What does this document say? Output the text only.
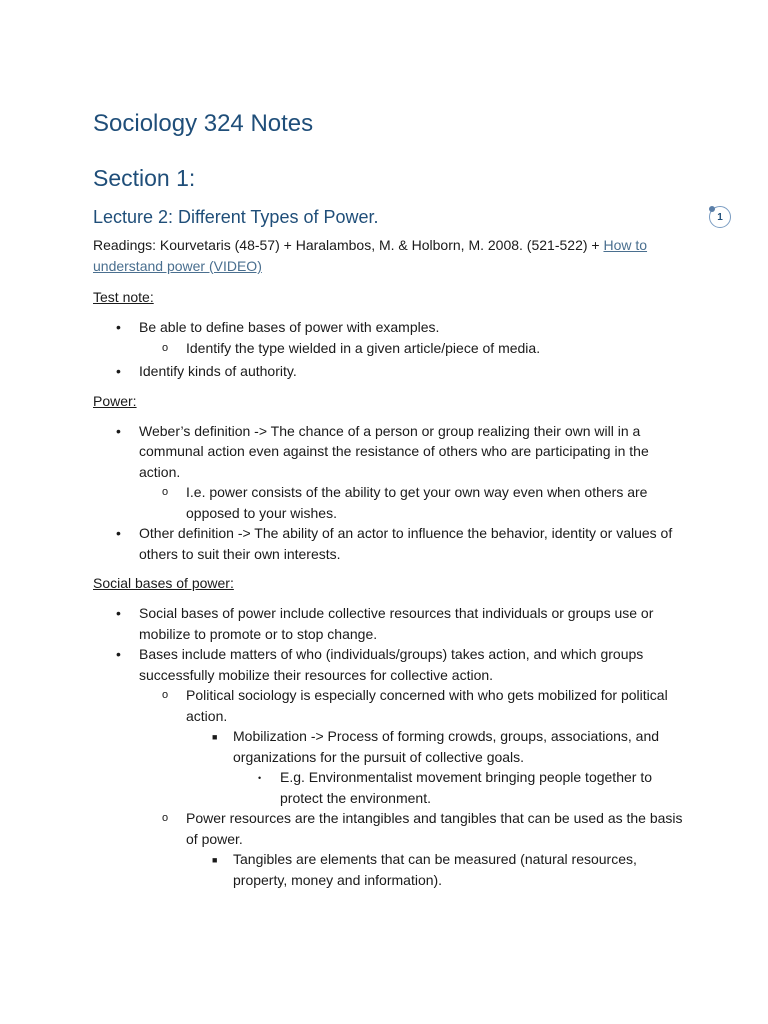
1
Sociology 324 Notes
Section 1:
Lecture 2: Different Types of Power.

Readings: Kourvetaris (48-57) + Haralambos, M. & Holborn, M. 2008. (521-522) + How to understand power (VIDEO)

Test note:

• Be able to define bases of power with examples.
o Identify the type wielded in a given article/piece of media.
• Identify kinds of authority.

Power:

• Weber’s definition -> The chance of a person or group realizing their own will in a communal action even against the resistance of others who are participating in the action.
o I.e. power consists of the ability to get your own way even when others are opposed to your wishes.
• Other definition -> The ability of an actor to influence the behavior, identity or values of others to suit their own interests.

Social bases of power:

• Social bases of power include collective resources that individuals or groups use or mobilize to promote or to stop change.
• Bases include matters of who (individuals/groups) takes action, and which groups successfully mobilize their resources for collective action.
o Political sociology is especially concerned with who gets mobilized for political action.
■ Mobilization -> Process of forming crowds, groups, associations, and organizations for the pursuit of collective goals.
• E.g. Environmentalist movement bringing people together to protect the environment.
o Power resources are the intangibles and tangibles that can be used as the basis of power.
■ Tangibles are elements that can be measured (natural resources, property, money and information).
